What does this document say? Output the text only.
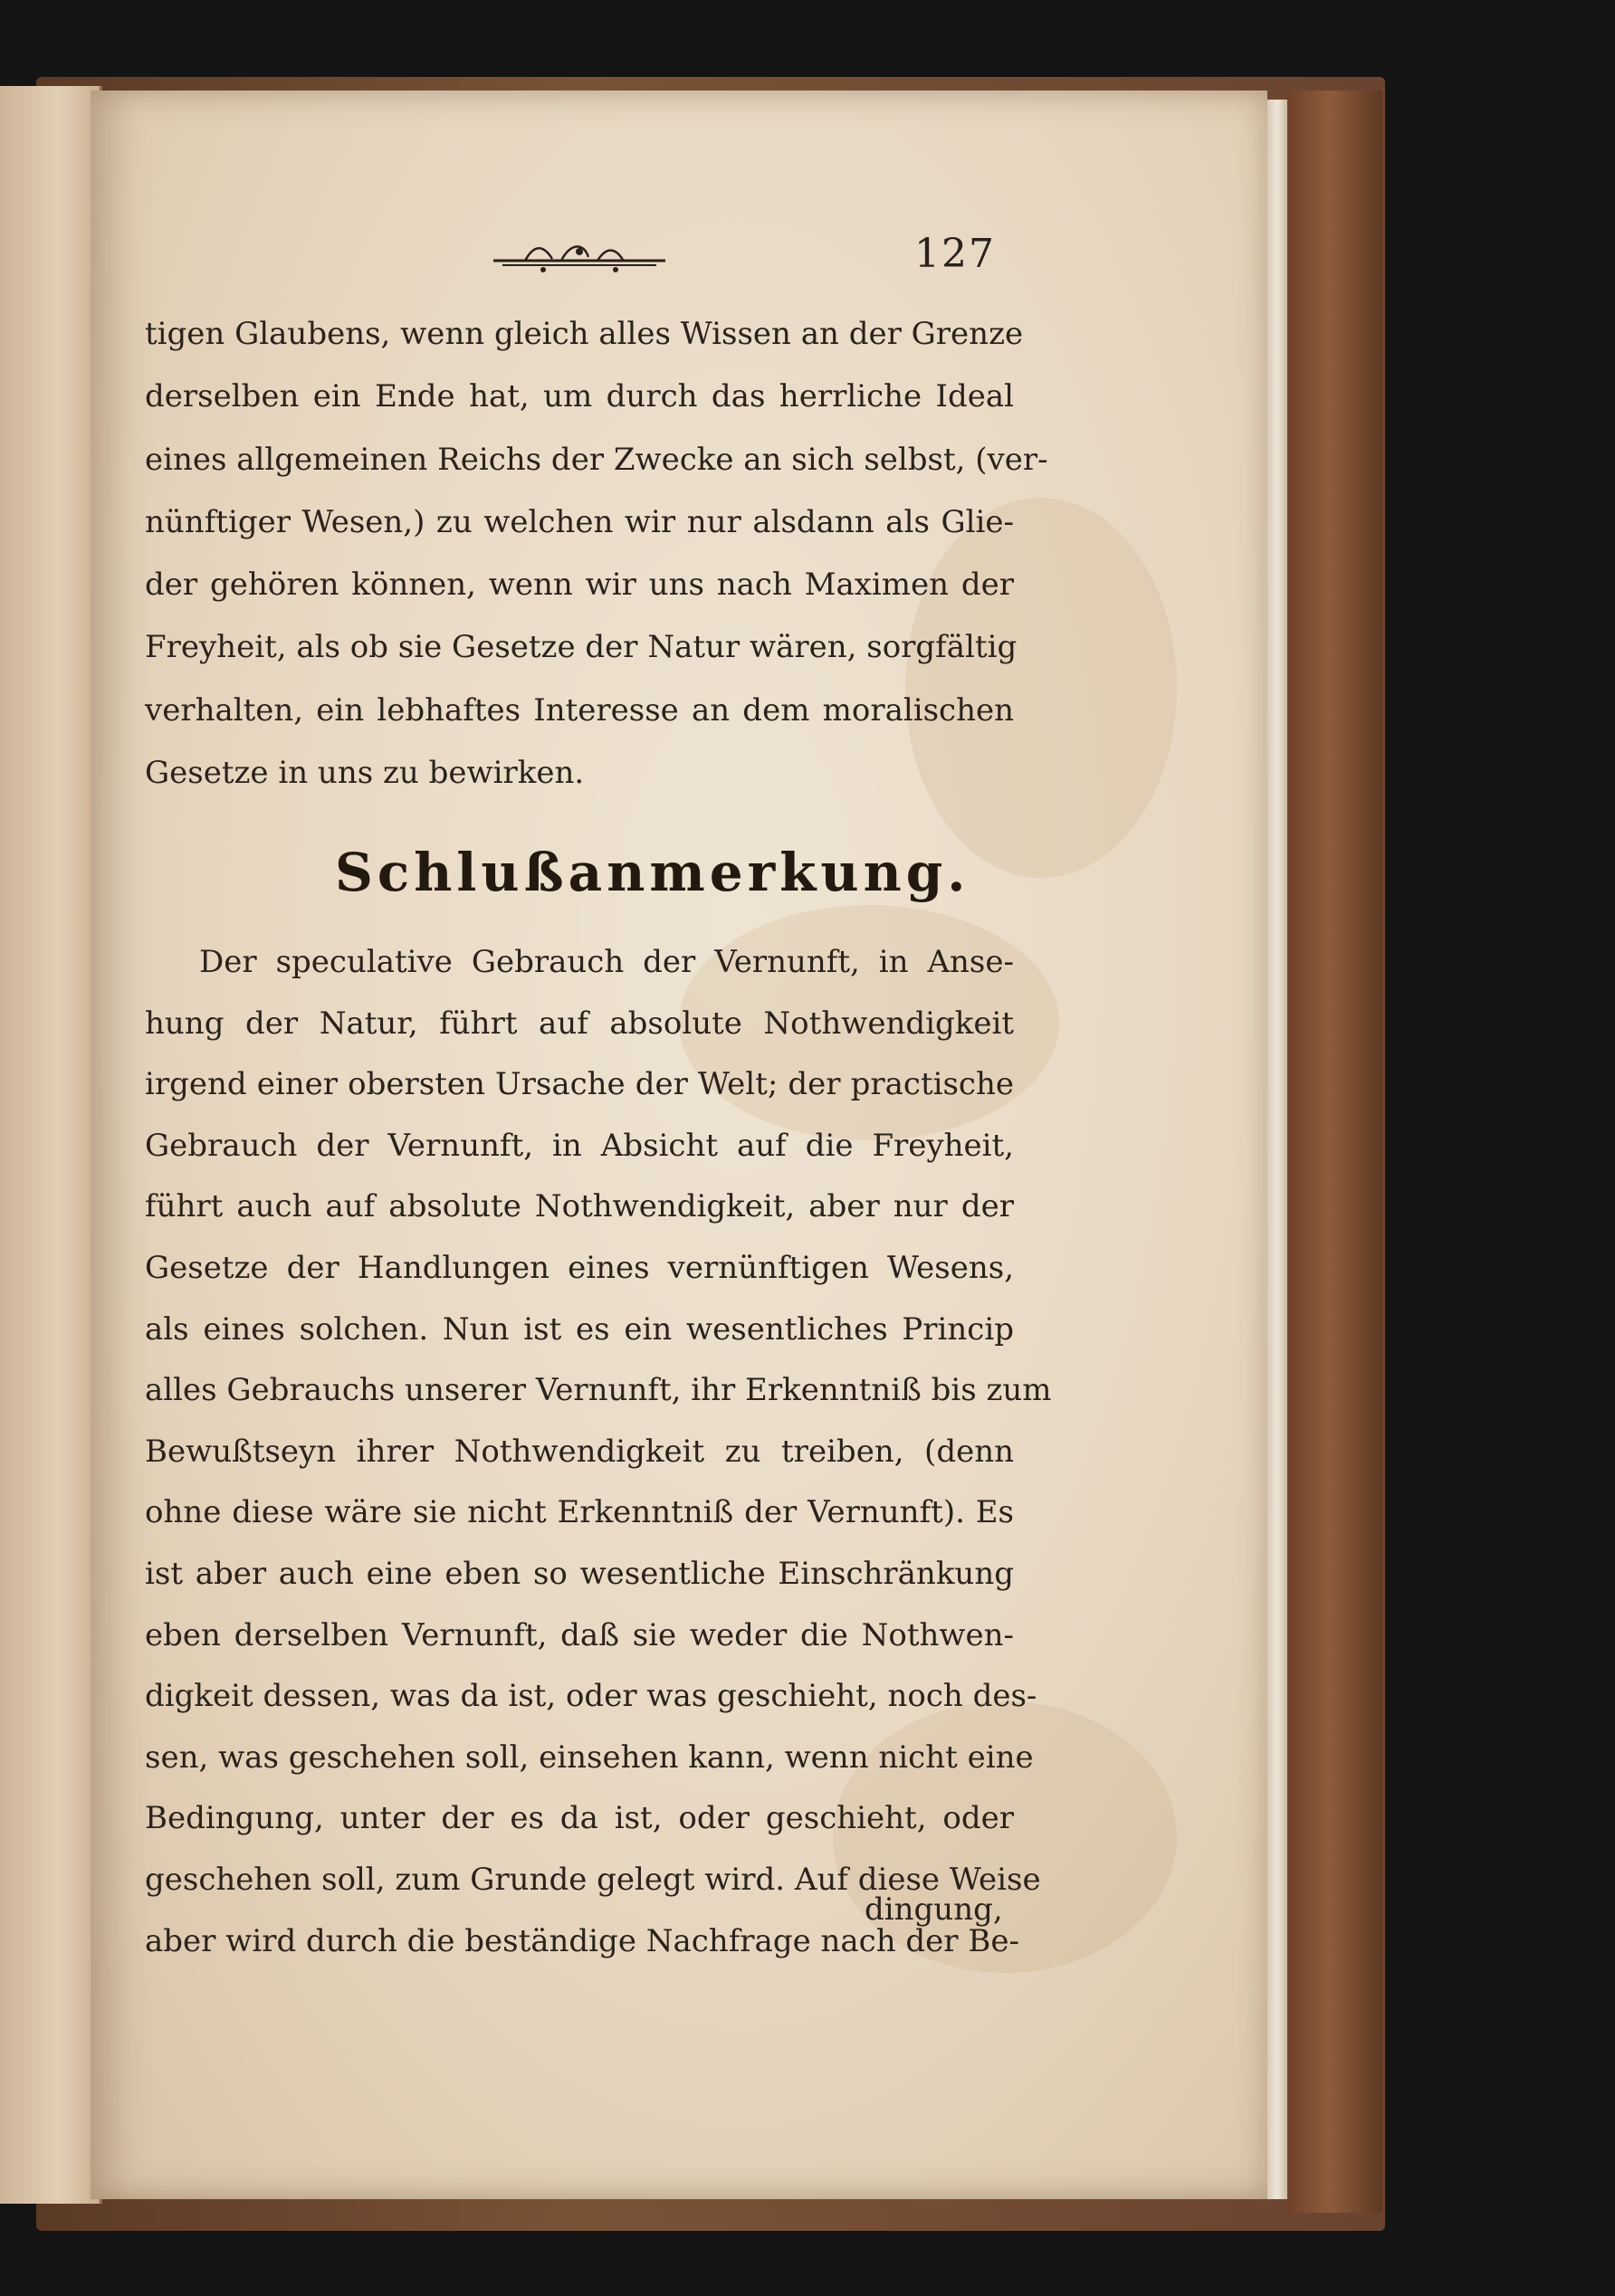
127
tigen Glaubens, wenn gleich alles Wissen an der Grenze
derselben ein Ende hat, um durch das herrliche Ideal
eines allgemeinen Reichs der Zwecke an sich selbst, (ver-
nünftiger Wesen,) zu welchen wir nur alsdann als Glie-
der gehören können, wenn wir uns nach Maximen der
Freyheit, als ob sie Gesetze der Natur wären, sorgfältig
verhalten, ein lebhaftes Interesse an dem moralischen
Gesetze in uns zu bewirken.
Schlußanmerkung.
Der speculative Gebrauch der Vernunft, in Anse-
hung der Natur, führt auf absolute Nothwendigkeit
irgend einer obersten Ursache der Welt; der practische
Gebrauch der Vernunft, in Absicht auf die Freyheit,
führt auch auf absolute Nothwendigkeit, aber nur der
Gesetze der Handlungen eines vernünftigen Wesens,
als eines solchen. Nun ist es ein wesentliches Princip
alles Gebrauchs unserer Vernunft, ihr Erkenntniß bis zum
Bewußtseyn ihrer Nothwendigkeit zu treiben, (denn
ohne diese wäre sie nicht Erkenntniß der Vernunft). Es
ist aber auch eine eben so wesentliche Einschränkung
eben derselben Vernunft, daß sie weder die Nothwen-
digkeit dessen, was da ist, oder was geschieht, noch des-
sen, was geschehen soll, einsehen kann, wenn nicht eine
Bedingung, unter der es da ist, oder geschieht, oder
geschehen soll, zum Grunde gelegt wird. Auf diese Weise
aber wird durch die beständige Nachfrage nach der Be-
dingung,
